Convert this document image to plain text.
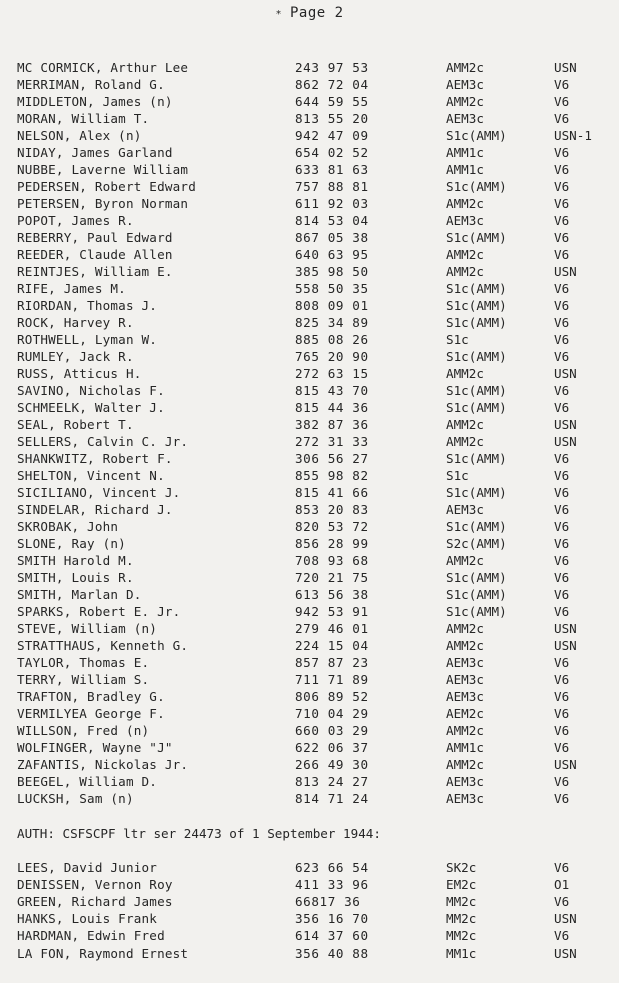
* Page 2
MC CORMICK, Arthur Lee	243 97 53	AMM2c	USN
MERRIMAN, Roland G.	862 72 04	AEM3c	V6
MIDDLETON, James (n)	644 59 55	AMM2c	V6
MORAN, William T.	813 55 20	AEM3c	V6
NELSON, Alex (n)	942 47 09	S1c(AMM)	USN-1
NIDAY, James Garland	654 02 52	AMM1c	V6
NUBBE, Laverne William	633 81 63	AMM1c	V6
PEDERSEN, Robert Edward	757 88 81	S1c(AMM)	V6
PETERSEN, Byron Norman	611 92 03	AMM2c	V6
POPOT, James R.	814 53 04	AEM3c	V6
REBERRY, Paul Edward	867 05 38	S1c(AMM)	V6
REEDER, Claude Allen	640 63 95	AMM2c	V6
REINTJES, William E.	385 98 50	AMM2c	USN
RIFE, James M.	558 50 35	S1c(AMM)	V6
RIORDAN, Thomas J.	808 09 01	S1c(AMM)	V6
ROCK, Harvey R.	825 34 89	S1c(AMM)	V6
ROTHWELL, Lyman W.	885 08 26	S1c	V6
RUMLEY, Jack R.	765 20 90	S1c(AMM)	V6
RUSS, Atticus H.	272 63 15	AMM2c	USN
SAVINO, Nicholas F.	815 43 70	S1c(AMM)	V6
SCHMEELK, Walter J.	815 44 36	S1c(AMM)	V6
SEAL, Robert T.	382 87 36	AMM2c	USN
SELLERS, Calvin C. Jr.	272 31 33	AMM2c	USN
SHANKWITZ, Robert F.	306 56 27	S1c(AMM)	V6
SHELTON, Vincent N.	855 98 82	S1c	V6
SICILIANO, Vincent J.	815 41 66	S1c(AMM)	V6
SINDELAR, Richard J.	853 20 83	AEM3c	V6
SKROBAK, John	820 53 72	S1c(AMM)	V6
SLONE, Ray (n)	856 28 99	S2c(AMM)	V6
SMITH Harold M.	708 93 68	AMM2c	V6
SMITH, Louis R.	720 21 75	S1c(AMM)	V6
SMITH, Marlan D.	613 56 38	S1c(AMM)	V6
SPARKS, Robert E. Jr.	942 53 91	S1c(AMM)	V6
STEVE, William (n)	279 46 01	AMM2c	USN
STRATTHAUS, Kenneth G.	224 15 04	AMM2c	USN
TAYLOR, Thomas E.	857 87 23	AEM3c	V6
TERRY, William S.	711 71 89	AEM3c	V6
TRAFTON, Bradley G.	806 89 52	AEM3c	V6
VERMILYEA George F.	710 04 29	AEM2c	V6
WILLSON, Fred (n)	660 03 29	AMM2c	V6
WOLFINGER, Wayne "J"	622 06 37	AMM1c	V6
ZAFANTIS, Nickolas Jr.	266 49 30	AMM2c	USN
BEEGEL, William D.	813 24 27	AEM3c	V6
LUCKSH, Sam (n)	814 71 24	AEM3c	V6
AUTH: CSFSCPF ltr ser 24473 of 1 September 1944:
LEES, David Junior	623 66 54	SK2c	V6
DENISSEN, Vernon Roy	411 33 96	EM2c	O1
GREEN, Richard James	66817 36	MM2c	V6
HANKS, Louis Frank	356 16 70	MM2c	USN
HARDMAN, Edwin Fred	614 37 60	MM2c	V6
LA FON, Raymond Ernest	356 40 88	MM1c	USN
